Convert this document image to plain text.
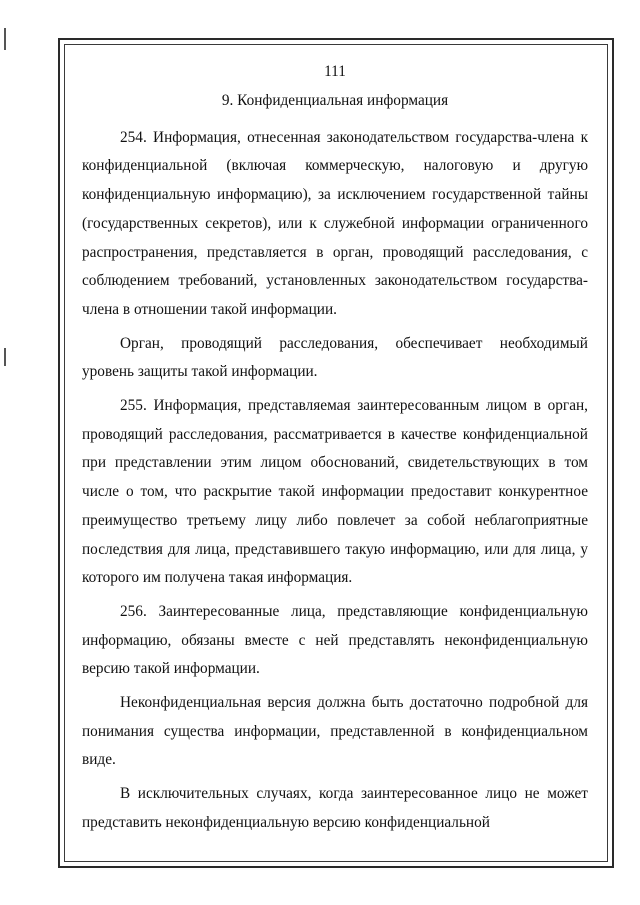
111

9. Конфиденциальная информация

254. Информация, отнесенная законодательством государства-члена к конфиденциальной (включая коммерческую, налоговую и другую конфиденциальную информацию), за исключением государственной тайны (государственных секретов), или к служебной информации ограниченного распространения, представляется в орган, проводящий расследования, с соблюдением требований, установленных законодательством государства-члена в отношении такой информации.

Орган, проводящий расследования, обеспечивает необходимый уровень защиты такой информации.

255. Информация, представляемая заинтересованным лицом в орган, проводящий расследования, рассматривается в качестве конфиденциальной при представлении этим лицом обоснований, свидетельствующих в том числе о том, что раскрытие такой информации предоставит конкурентное преимущество третьему лицу либо повлечет за собой неблагоприятные последствия для лица, представившего такую информацию, или для лица, у которого им получена такая информация.

256. Заинтересованные лица, представляющие конфиденциальную информацию, обязаны вместе с ней представлять неконфиденциальную версию такой информации.

Неконфиденциальная версия должна быть достаточно подробной для понимания существа информации, представленной в конфиденциальном виде.

В исключительных случаях, когда заинтересованное лицо не может представить неконфиденциальную версию конфиденциальной
